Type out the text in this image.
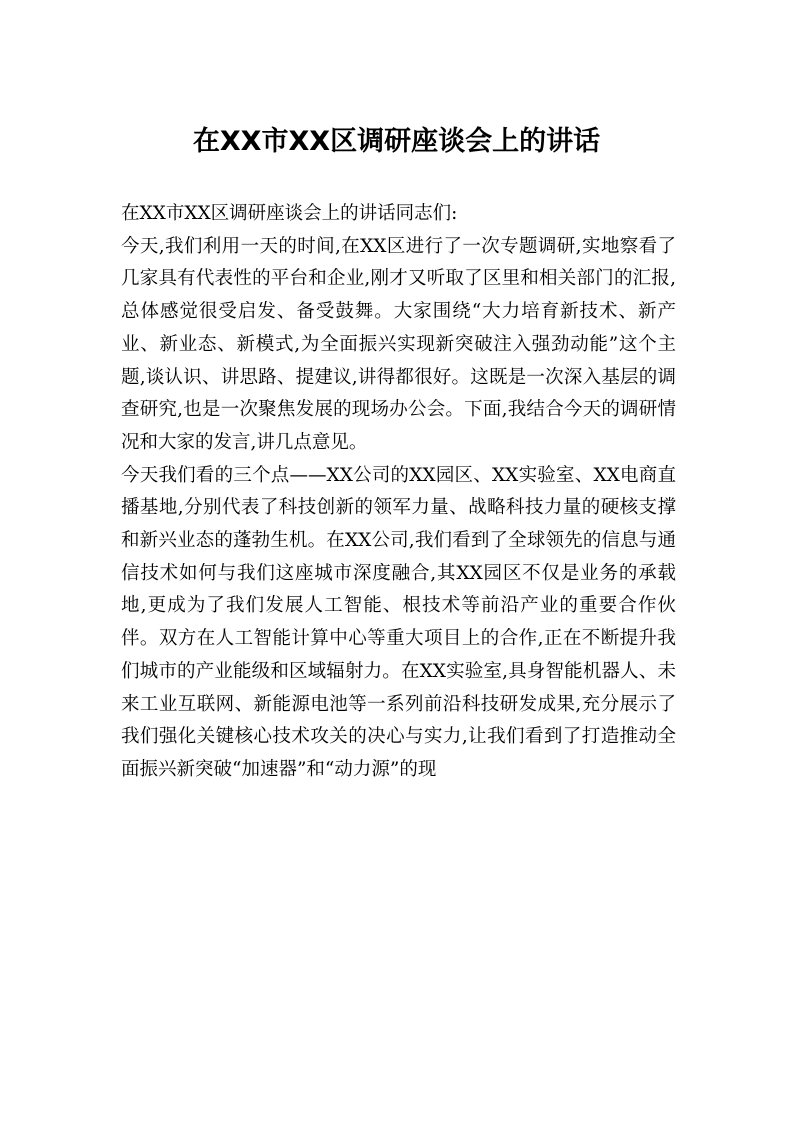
在XX市XX区调研座谈会上的讲话

在XX市XX区调研座谈会上的讲话同志们:

今天,我们利用一天的时间,在XX区进行了一次专题调研,实地察看了几家具有代表性的平台和企业,刚才又听取了区里和相关部门的汇报,总体感觉很受启发、备受鼓舞。大家围绕“大力培育新技术、新产业、新业态、新模式,为全面振兴实现新突破注入强劲动能”这个主题,谈认识、讲思路、提建议,讲得都很好。这既是一次深入基层的调查研究,也是一次聚焦发展的现场办公会。下面,我结合今天的调研情况和大家的发言,讲几点意见。

今天我们看的三个点——XX公司的XX园区、XX实验室、XX电商直播基地,分别代表了科技创新的领军力量、战略科技力量的硬核支撑和新兴业态的蓬勃生机。在XX公司,我们看到了全球领先的信息与通信技术如何与我们这座城市深度融合,其XX园区不仅是业务的承载地,更成为了我们发展人工智能、根技术等前沿产业的重要合作伙伴。双方在人工智能计算中心等重大项目上的合作,正在不断提升我们城市的产业能级和区域辐射力。在XX实验室,具身智能机器人、未来工业互联网、新能源电池等一系列前沿科技研发成果,充分展示了我们强化关键核心技术攻关的决心与实力,让我们看到了打造推动全面振兴新突破“加速器”和“动力源”的现
